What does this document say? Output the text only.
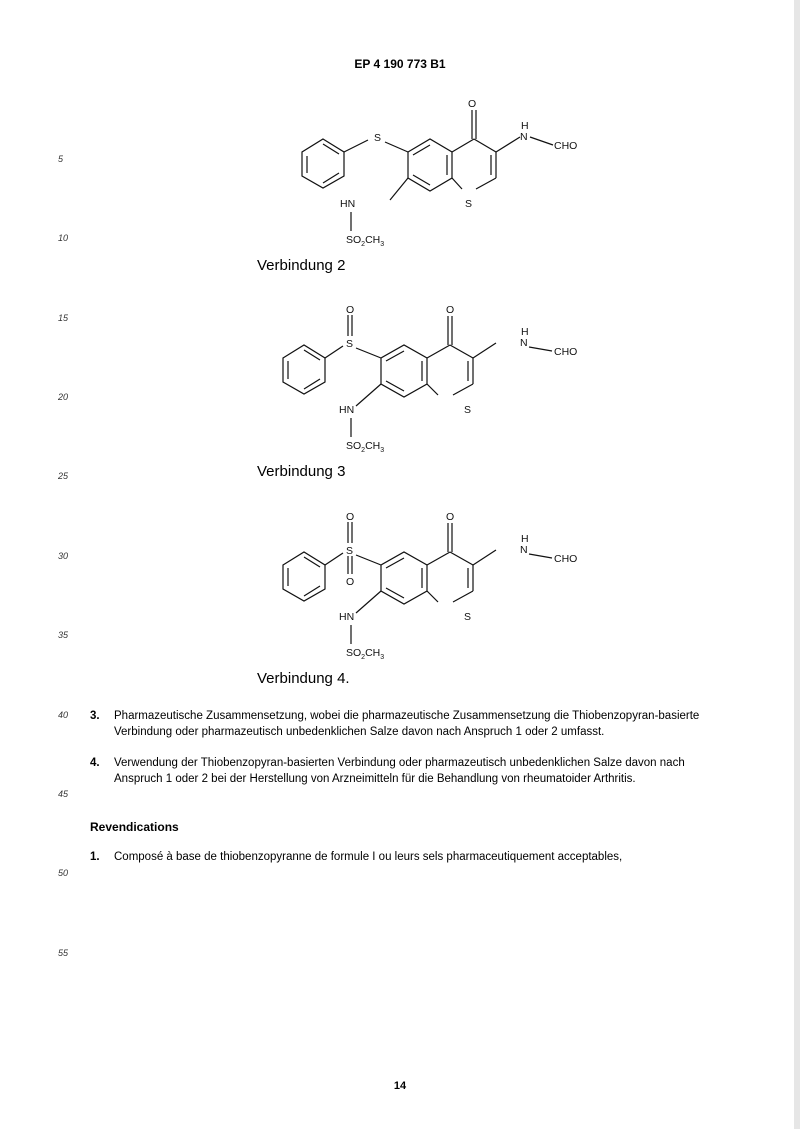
EP 4 190 773 B1
5
10
15
20
25
30
35
40
45
50
55
O
S
H
N
CHO
S
HN
$SO_2CH_3$
Verbindung 2
O	O
S
H
N
CHO
S
HN
$SO_2CH_3$
Verbindung 3
O	O
S
O
H
N
CHO
S
HN
$SO_2CH_3$
Verbindung 4.
3. Pharmazeutische Zusammensetzung, wobei die pharmazeutische Zusammensetzung die Thiobenzopyran-basierte Verbindung oder pharmazeutisch unbedenklichen Salze davon nach Anspruch 1 oder 2 umfasst.
4. Verwendung der Thiobenzopyran-basierten Verbindung oder pharmazeutisch unbedenklichen Salze davon nach Anspruch 1 oder 2 bei der Herstellung von Arzneimitteln für die Behandlung von rheumatoider Arthritis.
Revendications
1. Composé à base de thiobenzopyranne de formule I ou leurs sels pharmaceutiquement acceptables,
14
